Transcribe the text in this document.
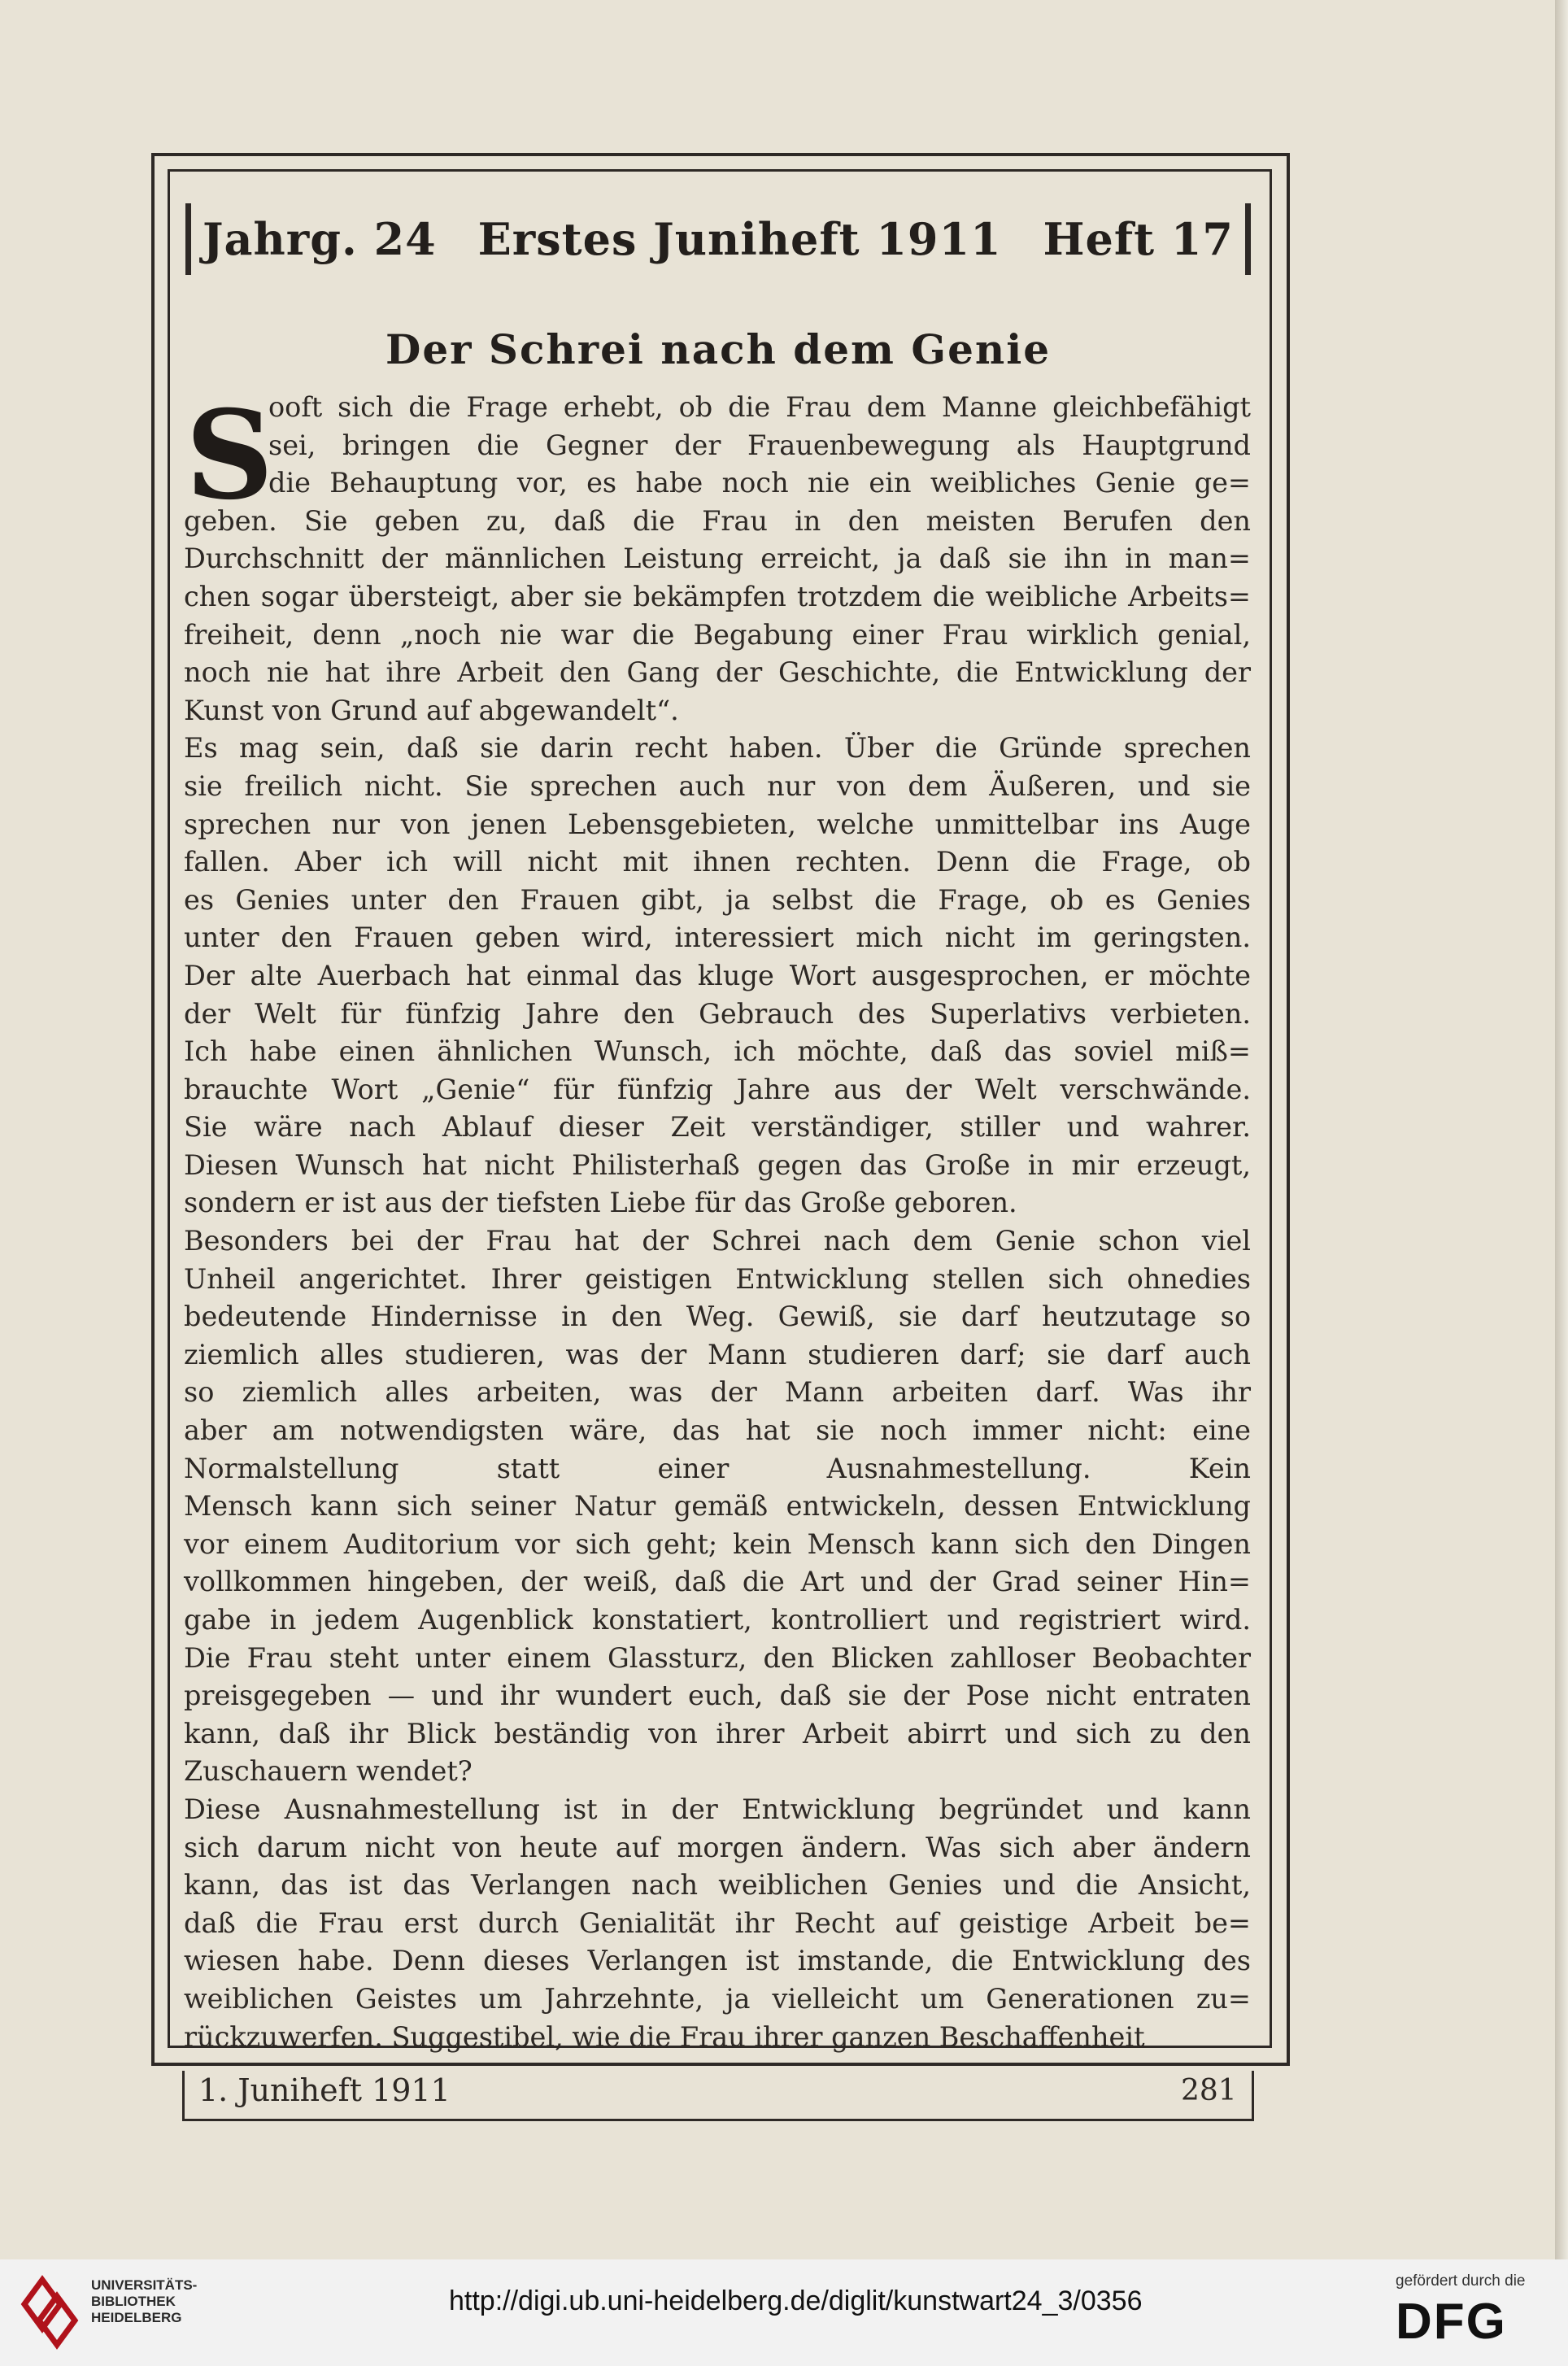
Jahrg. 24 Erstes Juniheft 1911 Heft 17
Der Schrei nach dem Genie
S
ooft sich die Frage erhebt, ob die Frau dem Manne gleichbefähigt
sei, bringen die Gegner der Frauenbewegung als Hauptgrund
die Behauptung vor, es habe noch nie ein weibliches Genie ge=
geben. Sie geben zu, daß die Frau in den meisten Berufen den
Durchschnitt der männlichen Leistung erreicht, ja daß sie ihn in man=
chen sogar übersteigt, aber sie bekämpfen trotzdem die weibliche Arbeits=
freiheit, denn „noch nie war die Begabung einer Frau wirklich genial,
noch nie hat ihre Arbeit den Gang der Geschichte, die Entwicklung der
Kunst von Grund auf abgewandelt“.
Es mag sein, daß sie darin recht haben. Über die Gründe sprechen
sie freilich nicht. Sie sprechen auch nur von dem Äußeren, und sie
sprechen nur von jenen Lebensgebieten, welche unmittelbar ins Auge
fallen. Aber ich will nicht mit ihnen rechten. Denn die Frage, ob
es Genies unter den Frauen gibt, ja selbst die Frage, ob es Genies
unter den Frauen geben wird, interessiert mich nicht im geringsten.
Der alte Auerbach hat einmal das kluge Wort ausgesprochen, er möchte
der Welt für fünfzig Jahre den Gebrauch des Superlativs verbieten.
Ich habe einen ähnlichen Wunsch, ich möchte, daß das soviel miß=
brauchte Wort „Genie“ für fünfzig Jahre aus der Welt verschwände.
Sie wäre nach Ablauf dieser Zeit verständiger, stiller und wahrer.
Diesen Wunsch hat nicht Philisterhaß gegen das Große in mir erzeugt,
sondern er ist aus der tiefsten Liebe für das Große geboren.
Besonders bei der Frau hat der Schrei nach dem Genie schon viel
Unheil angerichtet. Ihrer geistigen Entwicklung stellen sich ohnedies
bedeutende Hindernisse in den Weg. Gewiß, sie darf heutzutage so
ziemlich alles studieren, was der Mann studieren darf; sie darf auch
so ziemlich alles arbeiten, was der Mann arbeiten darf. Was ihr
aber am notwendigsten wäre, das hat sie noch immer nicht: eine
Normalstellung statt einer Ausnahmestellung. Kein
Mensch kann sich seiner Natur gemäß entwickeln, dessen Entwicklung
vor einem Auditorium vor sich geht; kein Mensch kann sich den Dingen
vollkommen hingeben, der weiß, daß die Art und der Grad seiner Hin=
gabe in jedem Augenblick konstatiert, kontrolliert und registriert wird.
Die Frau steht unter einem Glassturz, den Blicken zahlloser Beobachter
preisgegeben — und ihr wundert euch, daß sie der Pose nicht entraten
kann, daß ihr Blick beständig von ihrer Arbeit abirrt und sich zu den
Zuschauern wendet?
Diese Ausnahmestellung ist in der Entwicklung begründet und kann
sich darum nicht von heute auf morgen ändern. Was sich aber ändern
kann, das ist das Verlangen nach weiblichen Genies und die Ansicht,
daß die Frau erst durch Genialität ihr Recht auf geistige Arbeit be=
wiesen habe. Denn dieses Verlangen ist imstande, die Entwicklung des
weiblichen Geistes um Jahrzehnte, ja vielleicht um Generationen zu=
rückzuwerfen. Suggestibel, wie die Frau ihrer ganzen Beschaffenheit
1. Juniheft 1911	281
UNIVERSITÄTS-
BIBLIOTHEK
HEIDELBERG
http://digi.ub.uni-heidelberg.de/diglit/kunstwart24_3/0356
gefördert durch die
DFG
